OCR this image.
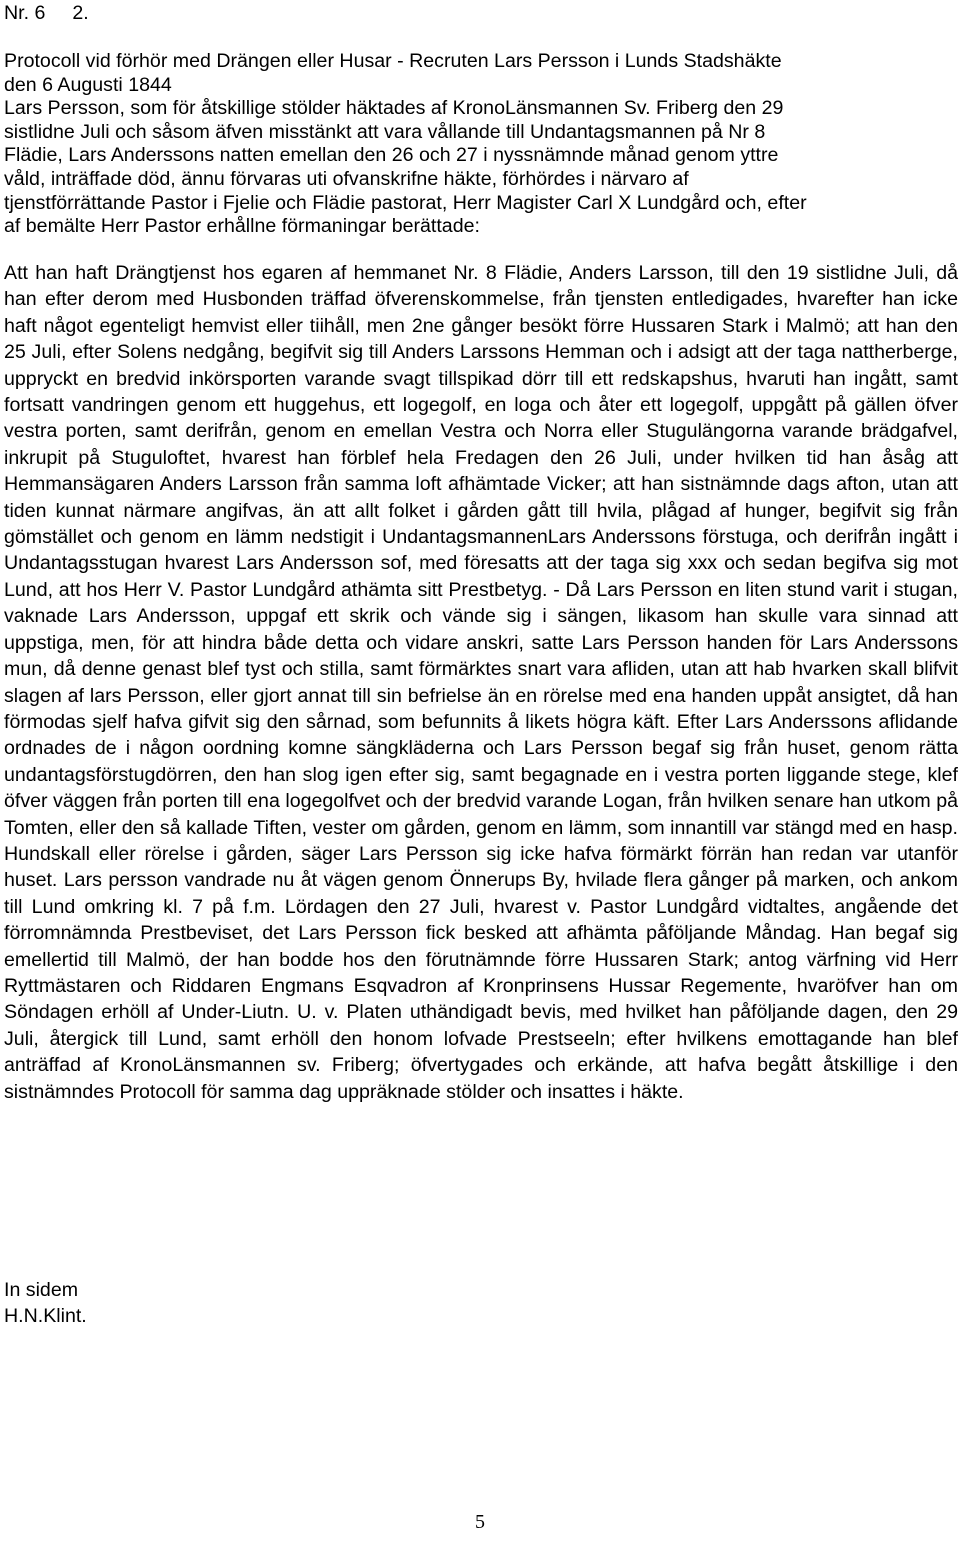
Nr. 6 2.
Protocoll vid förhör med Drängen eller Husar - Recruten Lars Persson i Lunds Stadshäkte
den 6 Augusti 1844
Lars Persson, som för åtskillige stölder häktades af KronoLänsmannen Sv. Friberg den 29
sistlidne Juli och såsom äfven misstänkt att vara vållande till Undantagsmannen på Nr 8
Flädie, Lars Anderssons natten emellan den 26 och 27 i nyssnämnde månad genom yttre
våld, inträffade död, ännu förvaras uti ofvanskrifne häkte, förhördes i närvaro af
tjenstförrättande Pastor i Fjelie och Flädie pastorat, Herr Magister Carl X Lundgård och, efter
af bemälte Herr Pastor erhållne förmaningar berättade:
Att han haft Drängtjenst hos egaren af hemmanet Nr. 8 Flädie, Anders Larsson, till den 19 sistlidne Juli, då han efter derom med Husbonden träffad öfverenskommelse, från tjensten entledigades, hvarefter han icke haft något egenteligt hemvist eller tiihåll, men 2ne gånger besökt förre Hussaren Stark i Malmö; att han den 25 Juli, efter Solens nedgång, begifvit sig till Anders Larssons Hemman och i adsigt att der taga nattherberge, uppryckt en bredvid inkörsporten varande svagt tillspikad dörr till ett redskapshus, hvaruti han ingått, samt fortsatt vandringen genom ett huggehus, ett logegolf, en loga och åter ett logegolf, uppgått på gällen öfver vestra porten, samt derifrån, genom en emellan Vestra och Norra eller Stugulängorna varande brädgafvel, inkrupit på Stuguloftet, hvarest han förblef hela Fredagen den 26 Juli, under hvilken tid han åsåg att Hemmansägaren Anders Larsson från samma loft afhämtade Vicker; att han sistnämnde dags afton, utan att tiden kunnat närmare angifvas, än att allt folket i gården gått till hvila, plågad af hunger, begifvit sig från gömstället och genom en lämm nedstigit i UndantagsmannenLars Anderssons förstuga, och derifrån ingått i Undantagsstugan hvarest Lars Andersson sof, med föresatts att der taga sig xxx och sedan begifva sig mot Lund, att hos Herr V. Pastor Lundgård athämta sitt Prestbetyg. - Då Lars Persson en liten stund varit i stugan, vaknade Lars Andersson, uppgaf ett skrik och vände sig i sängen, likasom han skulle vara sinnad att uppstiga, men, för att hindra både detta och vidare anskri, satte Lars Persson handen för Lars Anderssons mun, då denne genast blef tyst och stilla, samt förmärktes snart vara afliden, utan att hab hvarken skall blifvit slagen af lars Persson, eller gjort annat till sin befrielse än en rörelse med ena handen uppåt ansigtet, då han förmodas sjelf hafva gifvit sig den sårnad, som befunnits å likets högra käft. Efter Lars Anderssons aflidande ordnades de i någon oordning komne sängkläderna och Lars Persson begaf sig från huset, genom rätta undantagsförstugdörren, den han slog igen efter sig, samt begagnade en i vestra porten liggande stege, klef öfver väggen från porten till ena logegolfvet och der bredvid varande Logan, från hvilken senare han utkom på Tomten, eller den så kallade Tiften, vester om gården, genom en lämm, som innantill var stängd med en hasp. Hundskall eller rörelse i gården, säger Lars Persson sig icke hafva förmärkt förrän han redan var utanför huset. Lars persson vandrade nu åt vägen genom Önnerups By, hvilade flera gånger på marken, och ankom till Lund omkring kl. 7 på f.m. Lördagen den 27 Juli, hvarest v. Pastor Lundgård vidtaltes, angående det förromnämnda Prestbeviset, det Lars Persson fick besked att afhämta påföljande Måndag. Han begaf sig emellertid till Malmö, der han bodde hos den förutnämnde förre Hussaren Stark; antog värfning vid Herr Ryttmästaren och Riddaren Engmans Esqvadron af Kronprinsens Hussar Regemente, hvaröfver han om Söndagen erhöll af Under-Liutn. U. v. Platen uthändigadt bevis, med hvilket han påföljande dagen, den 29 Juli, återgick till Lund, samt erhöll den honom lofvade Prestseeln; efter hvilkens emottagande han blef anträffad af KronoLänsmannen sv. Friberg; öfvertygades och erkände, att hafva begått åtskillige i den sistnämndes Protocoll för samma dag uppräknade stölder och insattes i häkte.
In sidem
H.N.Klint.
5
